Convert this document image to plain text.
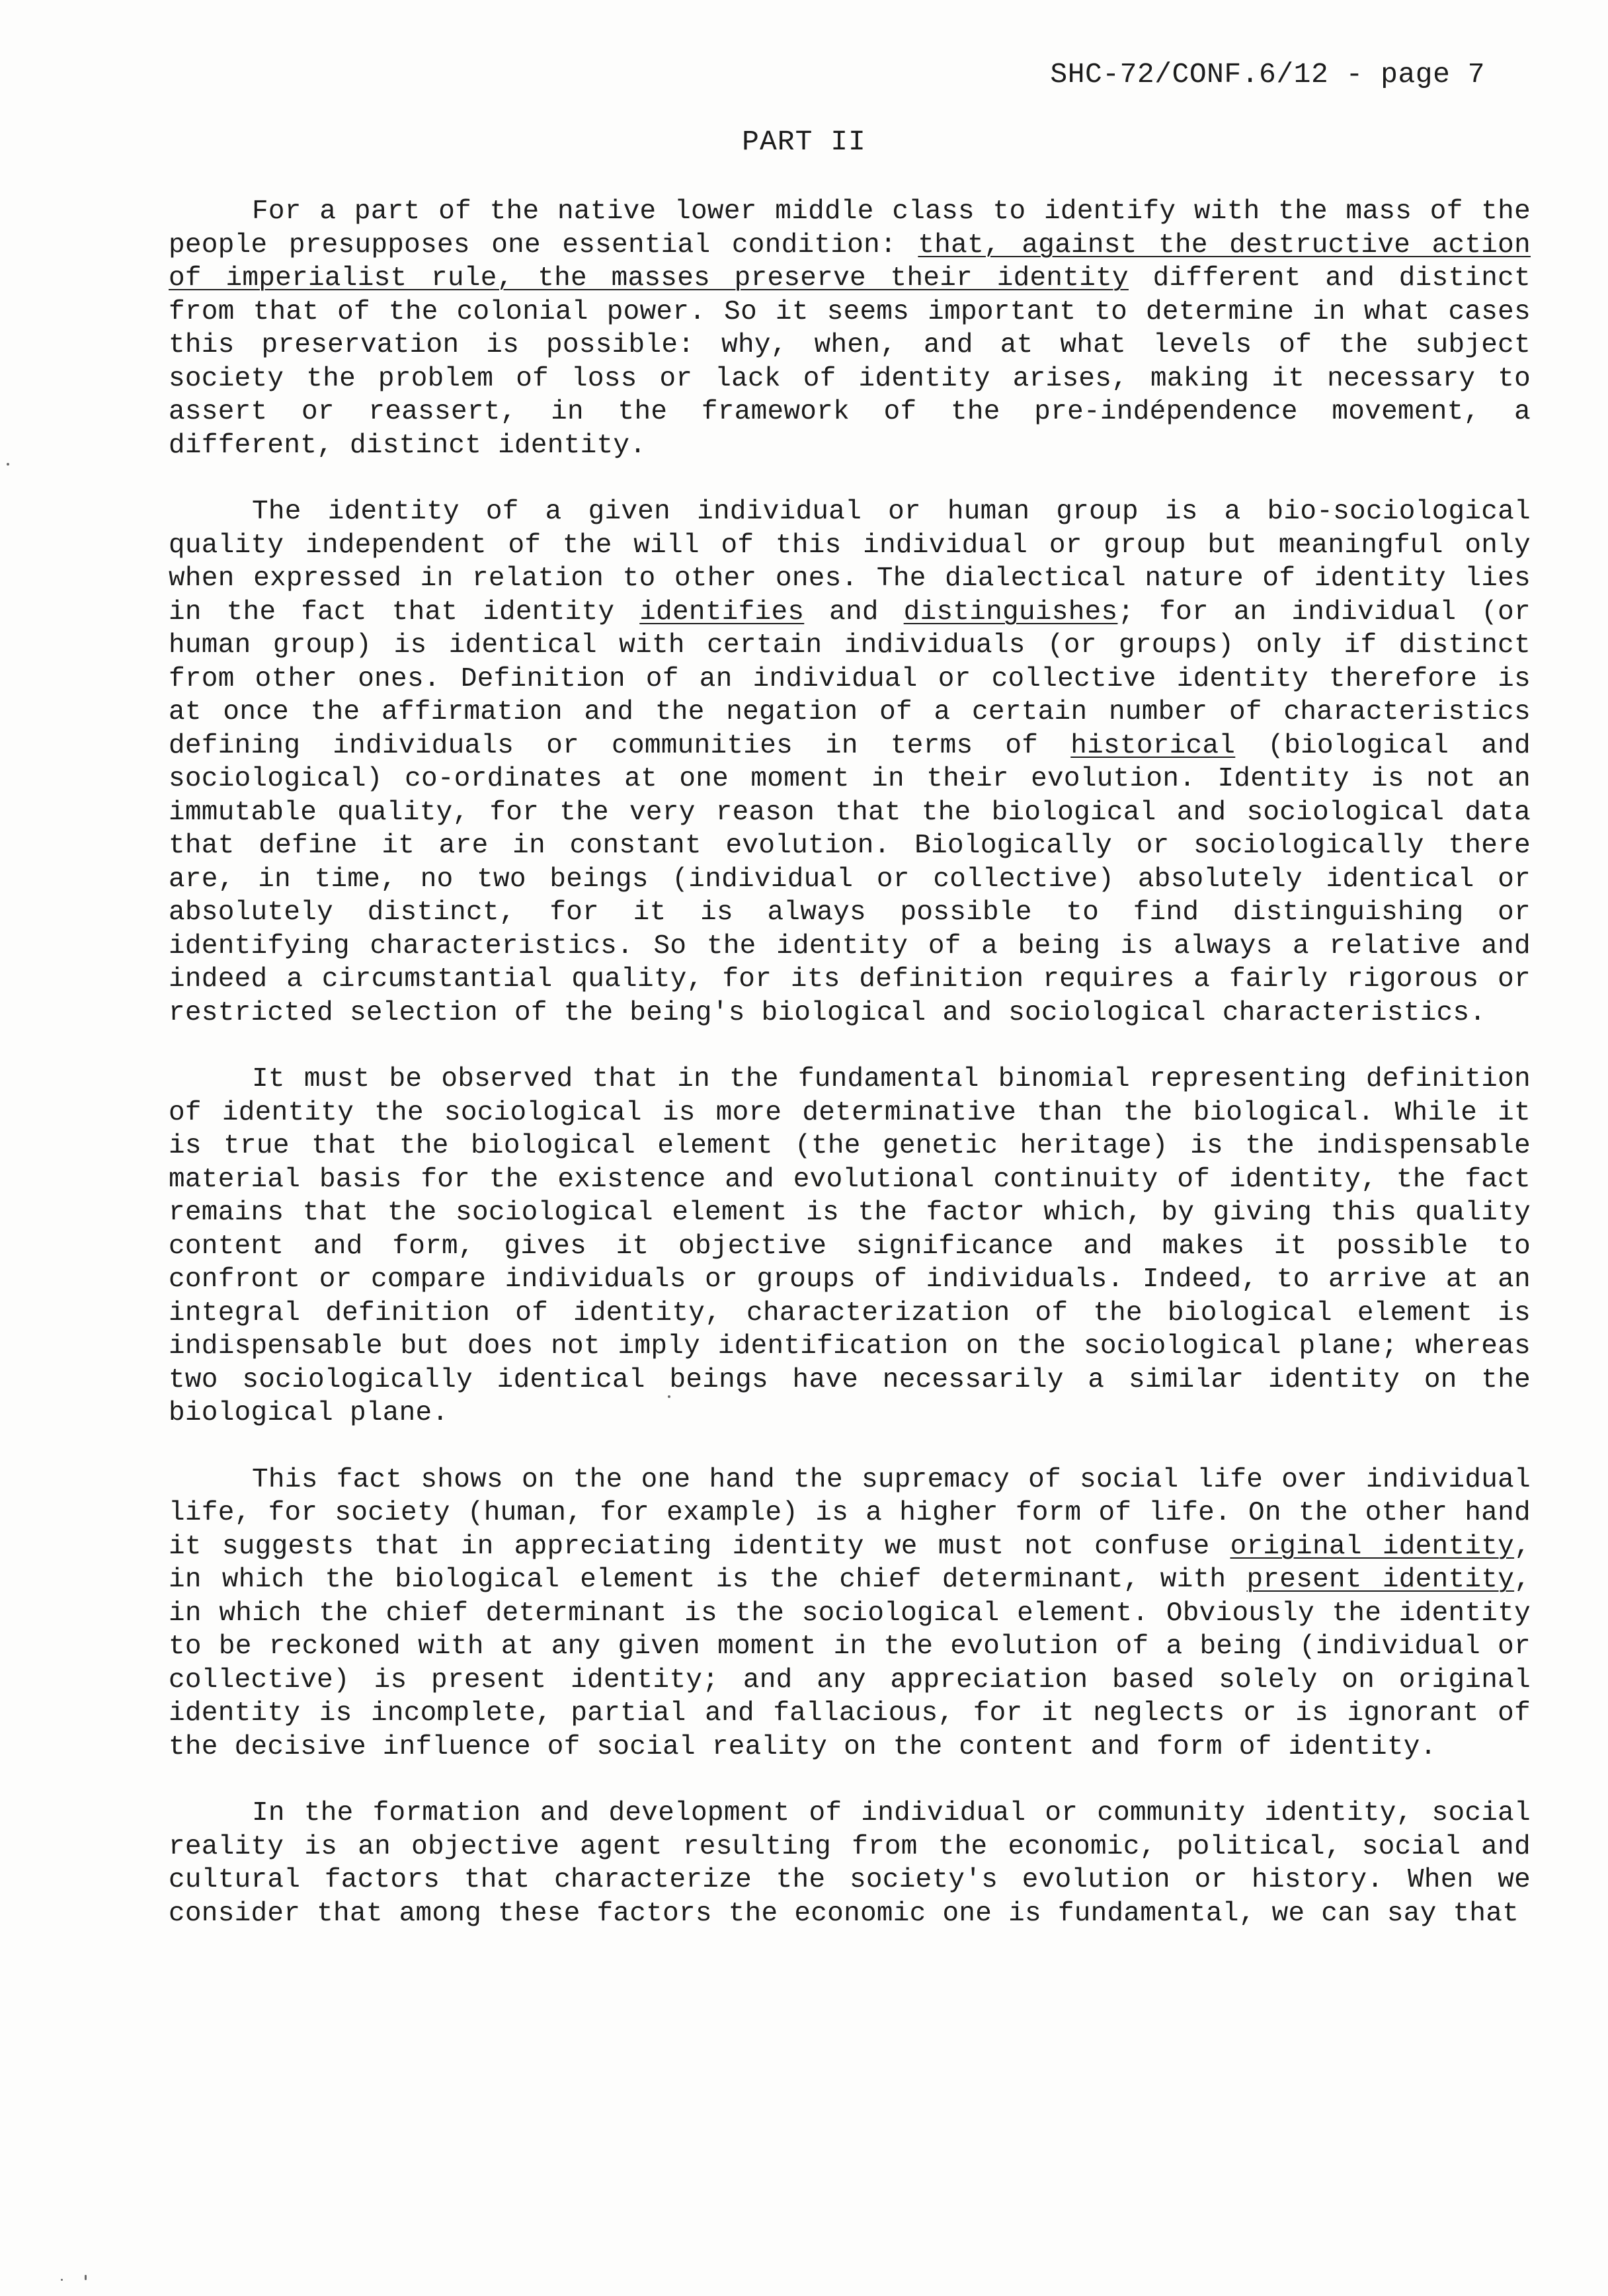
SHC-72/CONF.6/12 - page 7
PART II

For a part of the native lower middle class to identify with the mass of the people presupposes one essential condition: that, against the destructive action of imperialist rule, the masses preserve their identity different and distinct from that of the colonial power. So it seems important to determine in what cases this preservation is possible: why, when, and at what levels of the subject society the problem of loss or lack of identity arises, making it necessary to assert or reassert, in the framework of the pre-indépendence movement, a different, distinct identity.

The identity of a given individual or human group is a bio-sociological quality independent of the will of this individual or group but meaningful only when expressed in relation to other ones. The dialectical nature of identity lies in the fact that identity identifies and distinguishes; for an individual (or human group) is identical with certain individuals (or groups) only if distinct from other ones. Definition of an individual or collective identity therefore is at once the affirmation and the negation of a certain number of characteristics defining individuals or communities in terms of historical (biological and sociological) co-ordinates at one moment in their evolution. Identity is not an immutable quality, for the very reason that the biological and sociological data that define it are in constant evolution. Biologically or sociologically there are, in time, no two beings (individual or collective) absolutely identical or absolutely distinct, for it is always possible to find distinguishing or identifying characteristics. So the identity of a being is always a relative and indeed a circumstantial quality, for its definition requires a fairly rigorous or restricted selection of the being's biological and sociological characteristics.

It must be observed that in the fundamental binomial representing definition of identity the sociological is more determinative than the biological. While it is true that the biological element (the genetic heritage) is the indispensable material basis for the existence and evolutional continuity of identity, the fact remains that the sociological element is the factor which, by giving this quality content and form, gives it objective significance and makes it possible to confront or compare individuals or groups of individuals. Indeed, to arrive at an integral definition of identity, characterization of the biological element is indispensable but does not imply identification on the sociological plane; whereas two sociologically identical beings have necessarily a similar identity on the biological plane.

This fact shows on the one hand the supremacy of social life over individual life, for society (human, for example) is a higher form of life. On the other hand it suggests that in appreciating identity we must not confuse original identity, in which the biological element is the chief determinant, with present identity, in which the chief determinant is the sociological element. Obviously the identity to be reckoned with at any given moment in the evolution of a being (individual or collective) is present identity; and any appreciation based solely on original identity is incomplete, partial and fallacious, for it neglects or is ignorant of the decisive influence of social reality on the content and form of identity.

In the formation and development of individual or community identity, social reality is an objective agent resulting from the economic, political, social and cultural factors that characterize the society's evolution or history. When we consider that among these factors the economic one is fundamental, we can say that
